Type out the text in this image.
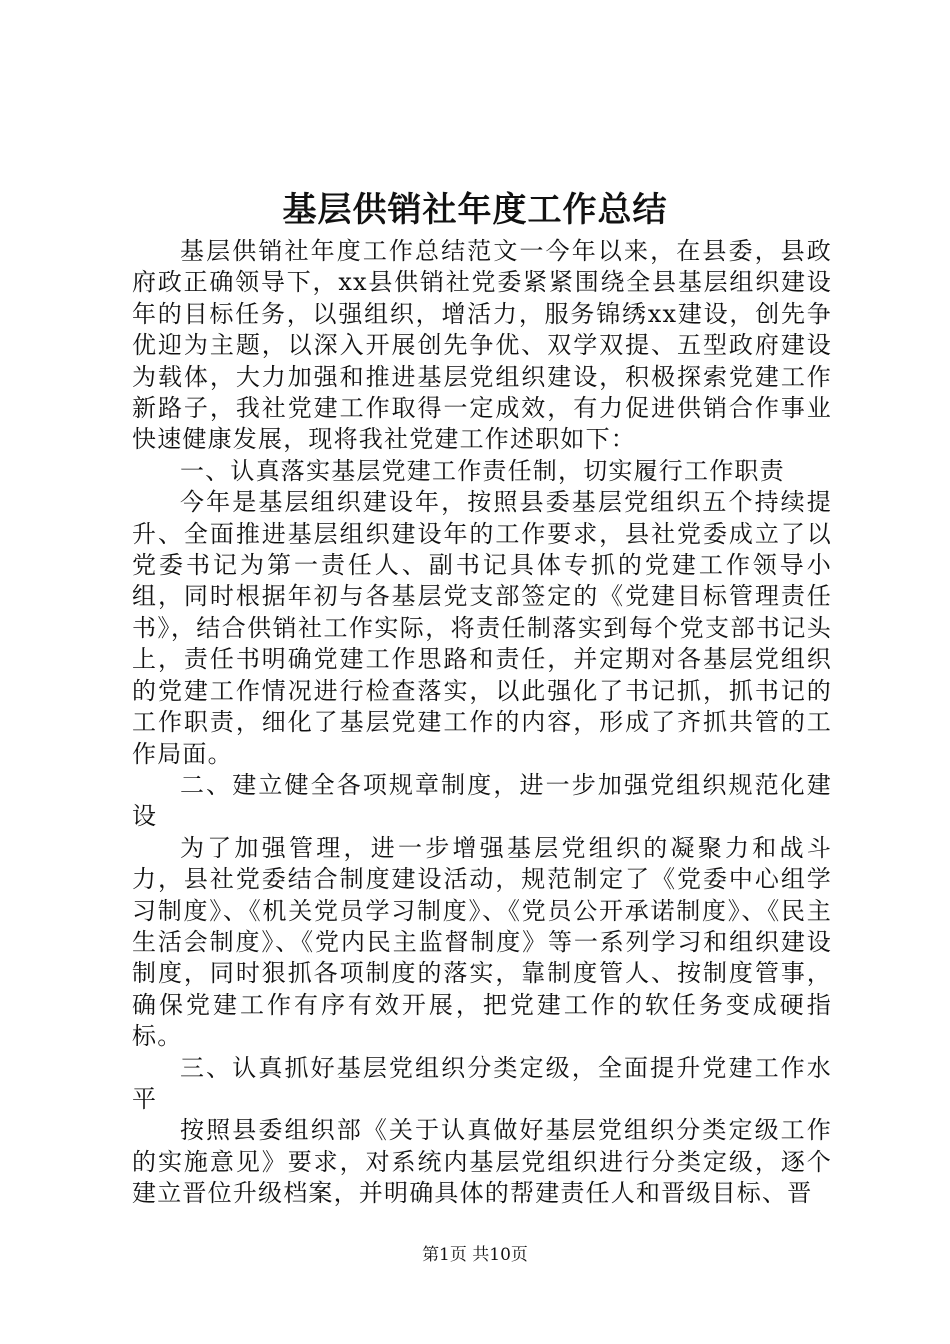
基层供销社年度工作总结

基层供销社年度工作总结范文一今年以来，在县委，县政府政正确领导下，xx县供销社党委紧紧围绕全县基层组织建设年的目标任务，以强组织，增活力，服务锦绣xx建设，创先争优迎为主题，以深入开展创先争优、双学双提、五型政府建设为载体，大力加强和推进基层党组织建设，积极探索党建工作新路子，我社党建工作取得一定成效，有力促进供销合作事业快速健康发展，现将我社党建工作述职如下：

一、认真落实基层党建工作责任制，切实履行工作职责

今年是基层组织建设年，按照县委基层党组织五个持续提升、全面推进基层组织建设年的工作要求，县社党委成立了以党委书记为第一责任人、副书记具体专抓的党建工作领导小组，同时根据年初与各基层党支部签定的《党建目标管理责任书》，结合供销社工作实际，将责任制落实到每个党支部书记头上，责任书明确党建工作思路和责任，并定期对各基层党组织的党建工作情况进行检查落实，以此强化了书记抓，抓书记的工作职责，细化了基层党建工作的内容，形成了齐抓共管的工作局面。

二、建立健全各项规章制度，进一步加强党组织规范化建设

为了加强管理，进一步增强基层党组织的凝聚力和战斗力，县社党委结合制度建设活动，规范制定了《党委中心组学习制度》、《机关党员学习制度》、《党员公开承诺制度》、《民主生活会制度》、《党内民主监督制度》等一系列学习和组织建设制度，同时狠抓各项制度的落实，靠制度管人、按制度管事，确保党建工作有序有效开展，把党建工作的软任务变成硬指标。

三、认真抓好基层党组织分类定级，全面提升党建工作水平

按照县委组织部《关于认真做好基层党组织分类定级工作的实施意见》要求，对系统内基层党组织进行分类定级，逐个建立晋位升级档案，并明确具体的帮建责任人和晋级目标、晋

第1页 共10页
